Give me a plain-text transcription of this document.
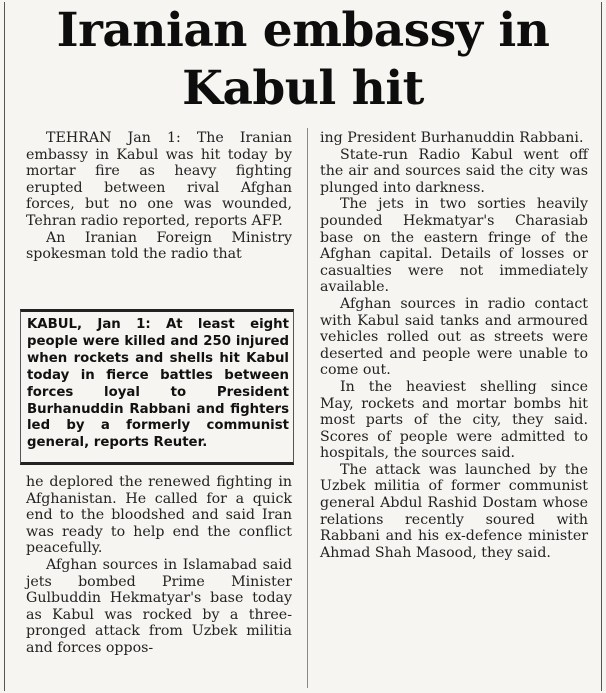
Iranian embassy in
Kabul hit

TEHRAN Jan 1: The Iranian embassy in Kabul was hit today by mortar fire as heavy fighting erupted between rival Afghan forces, but no one was wounded, Tehran radio reported, reports AFP.

An Iranian Foreign Ministry spokesman told the radio that

KABUL, Jan 1: At least eight people were killed and 250 injured when rockets and shells hit Kabul today in fierce battles between forces loyal to President Burhanuddin Rabbani and fighters led by a formerly communist general, reports Reuter.

he deplored the renewed fighting in Afghanistan. He called for a quick end to the bloodshed and said Iran was ready to help end the conflict peacefully.

Afghan sources in Islamabad said jets bombed Prime Minister Gulbuddin Hekmatyar's base today as Kabul was rocked by a three-pronged attack from Uzbek militia and forces oppos-

ing President Burhanuddin Rabbani.

State-run Radio Kabul went off the air and sources said the city was plunged into darkness.

The jets in two sorties heavily pounded Hekmatyar's Charasiab base on the eastern fringe of the Afghan capital. Details of losses or casualties were not immediately available.

Afghan sources in radio contact with Kabul said tanks and armoured vehicles rolled out as streets were deserted and people were unable to come out.

In the heaviest shelling since May, rockets and mortar bombs hit most parts of the city, they said. Scores of people were admitted to hospitals, the sources said.

The attack was launched by the Uzbek militia of former communist general Abdul Rashid Dostam whose relations recently soured with Rabbani and his ex-defence minister Ahmad Shah Masood, they said.
